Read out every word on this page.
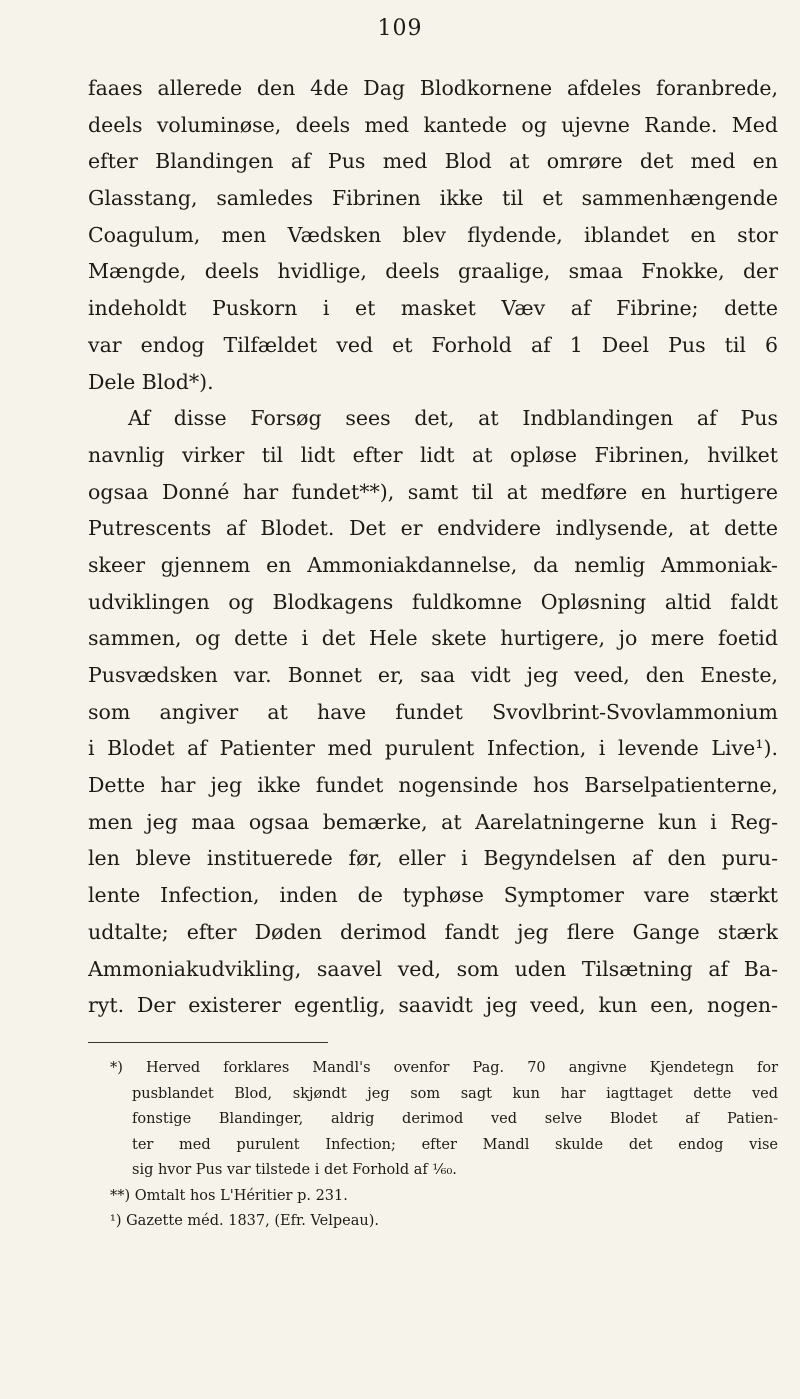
109
faaes allerede den 4de Dag Blodkornene afdeles foranbrede,
deels voluminøse, deels med kantede og ujevne Rande. Med
efter Blandingen af Pus med Blod at omrøre det med en
Glasstang, samledes Fibrinen ikke til et sammenhængende
Coagulum, men Vædsken blev flydende, iblandet en stor
Mængde, deels hvidlige, deels graalige, smaa Fnokke, der
indeholdt Puskorn i et masket Væv af Fibrine; dette
var endog Tilfældet ved et Forhold af 1 Deel Pus til 6
Dele Blod*).
Af disse Forsøg sees det, at Indblandingen af Pus
navnlig virker til lidt efter lidt at opløse Fibrinen, hvilket
ogsaa Donné har fundet**), samt til at medføre en hurtigere
Putrescents af Blodet. Det er endvidere indlysende, at dette
skeer gjennem en Ammoniakdannelse, da nemlig Ammoniak-
udviklingen og Blodkagens fuldkomne Opløsning altid faldt
sammen, og dette i det Hele skete hurtigere, jo mere foetid
Pusvædsken var. Bonnet er, saa vidt jeg veed, den Eneste,
som angiver at have fundet Svovlbrint-Svovlammonium
i Blodet af Patienter med purulent Infection, i levende Live¹).
Dette har jeg ikke fundet nogensinde hos Barselpatienterne,
men jeg maa ogsaa bemærke, at Aarelatningerne kun i Reg-
len bleve instituerede før, eller i Begyndelsen af den puru-
lente Infection, inden de typhøse Symptomer vare stærkt
udtalte; efter Døden derimod fandt jeg flere Gange stærk
Ammoniakudvikling, saavel ved, som uden Tilsætning af Ba-
ryt. Der existerer egentlig, saavidt jeg veed, kun een, nogen-
*) Herved forklares Mandl's ovenfor Pag. 70 angivne Kjendetegn for
pusblandet Blod, skjøndt jeg som sagt kun har iagttaget dette ved
fonstige Blandinger, aldrig derimod ved selve Blodet af Patien-
ter med purulent Infection; efter Mandl skulde det endog vise
sig hvor Pus var tilstede i det Forhold af ¹⁄₆₀.
**) Omtalt hos L'Héritier p. 231.
¹) Gazette méd. 1837, (Efr. Velpeau).
